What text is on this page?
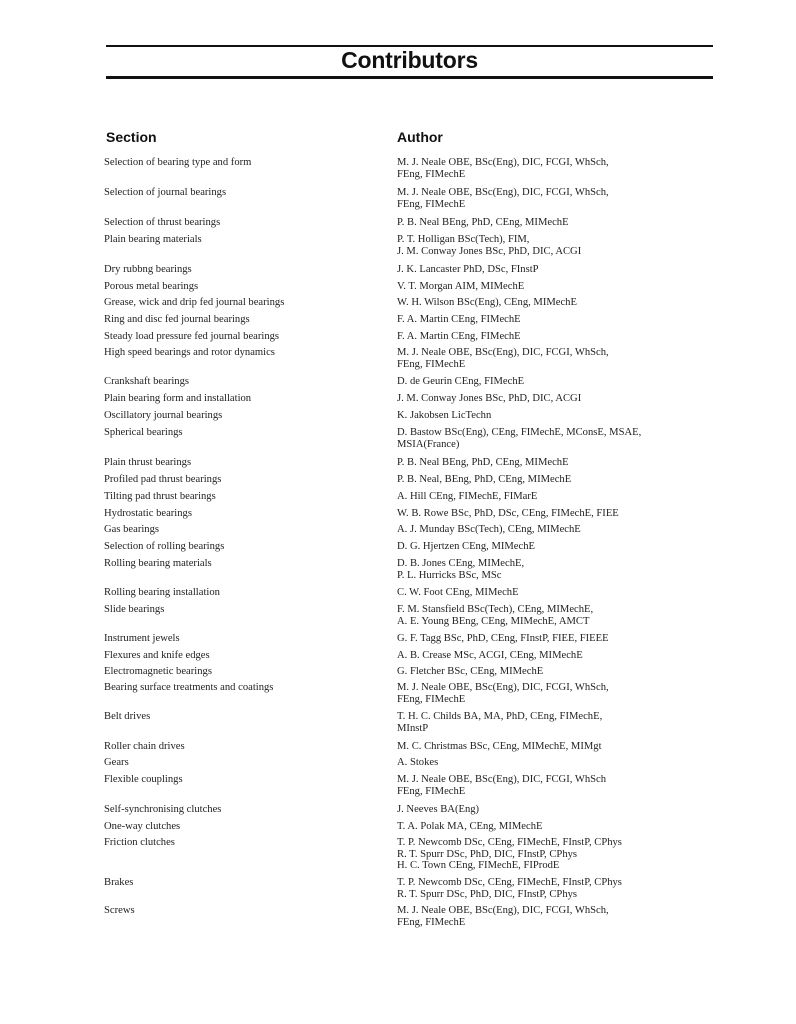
Contributors
Section	Author
Selection of bearing type and form	M. J. Neale OBE, BSc(Eng), DIC, FCGI, WhSch,
FEng, FIMechE
Selection of journal bearings	M. J. Neale OBE, BSc(Eng), DIC, FCGI, WhSch,
FEng, FIMechE
Selection of thrust bearings	P. B. Neal BEng, PhD, CEng, MIMechE
Plain bearing materials	P. T. Holligan BSc(Tech), FIM,
J. M. Conway Jones BSc, PhD, DIC, ACGI
Dry rubbng bearings	J. K. Lancaster PhD, DSc, FInstP
Porous metal bearings	V. T. Morgan AIM, MIMechE
Grease, wick and drip fed journal bearings	W. H. Wilson BSc(Eng), CEng, MIMechE
Ring and disc fed journal bearings	F. A. Martin CEng, FIMechE
Steady load pressure fed journal bearings	F. A. Martin CEng, FIMechE
High speed bearings and rotor dynamics	M. J. Neale OBE, BSc(Eng), DIC, FCGI, WhSch,
FEng, FIMechE
Crankshaft bearings	D. de Geurin CEng, FIMechE
Plain bearing form and installation	J. M. Conway Jones BSc, PhD, DIC, ACGI
Oscillatory journal bearings	K. Jakobsen LicTechn
Spherical bearings	D. Bastow BSc(Eng), CEng, FIMechE, MConsE, MSAE,
MSIA(France)
Plain thrust bearings	P. B. Neal BEng, PhD, CEng, MIMechE
Profiled pad thrust bearings	P. B. Neal, BEng, PhD, CEng, MIMechE
Tilting pad thrust bearings	A. Hill CEng, FIMechE, FIMarE
Hydrostatic bearings	W. B. Rowe BSc, PhD, DSc, CEng, FIMechE, FIEE
Gas bearings	A. J. Munday BSc(Tech), CEng, MIMechE
Selection of rolling bearings	D. G. Hjertzen CEng, MIMechE
Rolling bearing materials	D. B. Jones CEng, MIMechE,
P. L. Hurricks BSc, MSc
Rolling bearing installation	C. W. Foot CEng, MIMechE
Slide bearings	F. M. Stansfield BSc(Tech), CEng, MIMechE,
A. E. Young BEng, CEng, MIMechE, AMCT
Instrument jewels	G. F. Tagg BSc, PhD, CEng, FInstP, FIEE, FIEEE
Flexures and knife edges	A. B. Crease MSc, ACGI, CEng, MIMechE
Electromagnetic bearings	G. Fletcher BSc, CEng, MIMechE
Bearing surface treatments and coatings	M. J. Neale OBE, BSc(Eng), DIC, FCGI, WhSch,
FEng, FIMechE
Belt drives	T. H. C. Childs BA, MA, PhD, CEng, FIMechE,
MInstP
Roller chain drives	M. C. Christmas BSc, CEng, MIMechE, MIMgt
Gears	A. Stokes
Flexible couplings	M. J. Neale OBE, BSc(Eng), DIC, FCGI, WhSch
FEng, FIMechE
Self-synchronising clutches	J. Neeves BA(Eng)
One-way clutches	T. A. Polak MA, CEng, MIMechE
Friction clutches	T. P. Newcomb DSc, CEng, FIMechE, FInstP, CPhys
R. T. Spurr DSc, PhD, DIC, FInstP, CPhys
H. C. Town CEng, FIMechE, FIProdE
Brakes	T. P. Newcomb DSc, CEng, FIMechE, FInstP, CPhys
R. T. Spurr DSc, PhD, DIC, FInstP, CPhys
Screws	M. J. Neale OBE, BSc(Eng), DIC, FCGI, WhSch,
FEng, FIMechE
